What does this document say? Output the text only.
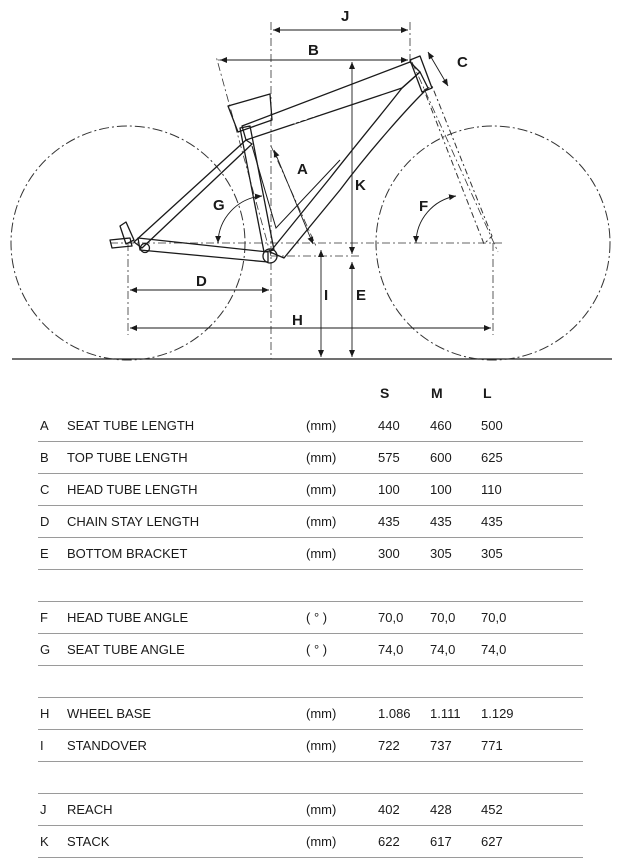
ROTHILD
J
B
C
A
K
G	F
D
I E
H
S	M	L
A SEAT TUBE LENGTH	(mm)	440 460 500
B TOP TUBE LENGTH	(mm)	575 600 625
C HEAD TUBE LENGTH	(mm)	100 100 110
D CHAIN STAY LENGTH	(mm)	435 435 435
E BOTTOM BRACKET	(mm)	300 305 305
F HEAD TUBE ANGLE	( ° )	70,0 70,0 70,0
G SEAT TUBE ANGLE	( ° )	74,0 74,0 74,0
H WHEEL BASE	(mm)	1.086 1.111 1.129
I STANDOVER	(mm)	722 737 771
J REACH	(mm)	402 428 452
K STACK	(mm)	622 617 627
